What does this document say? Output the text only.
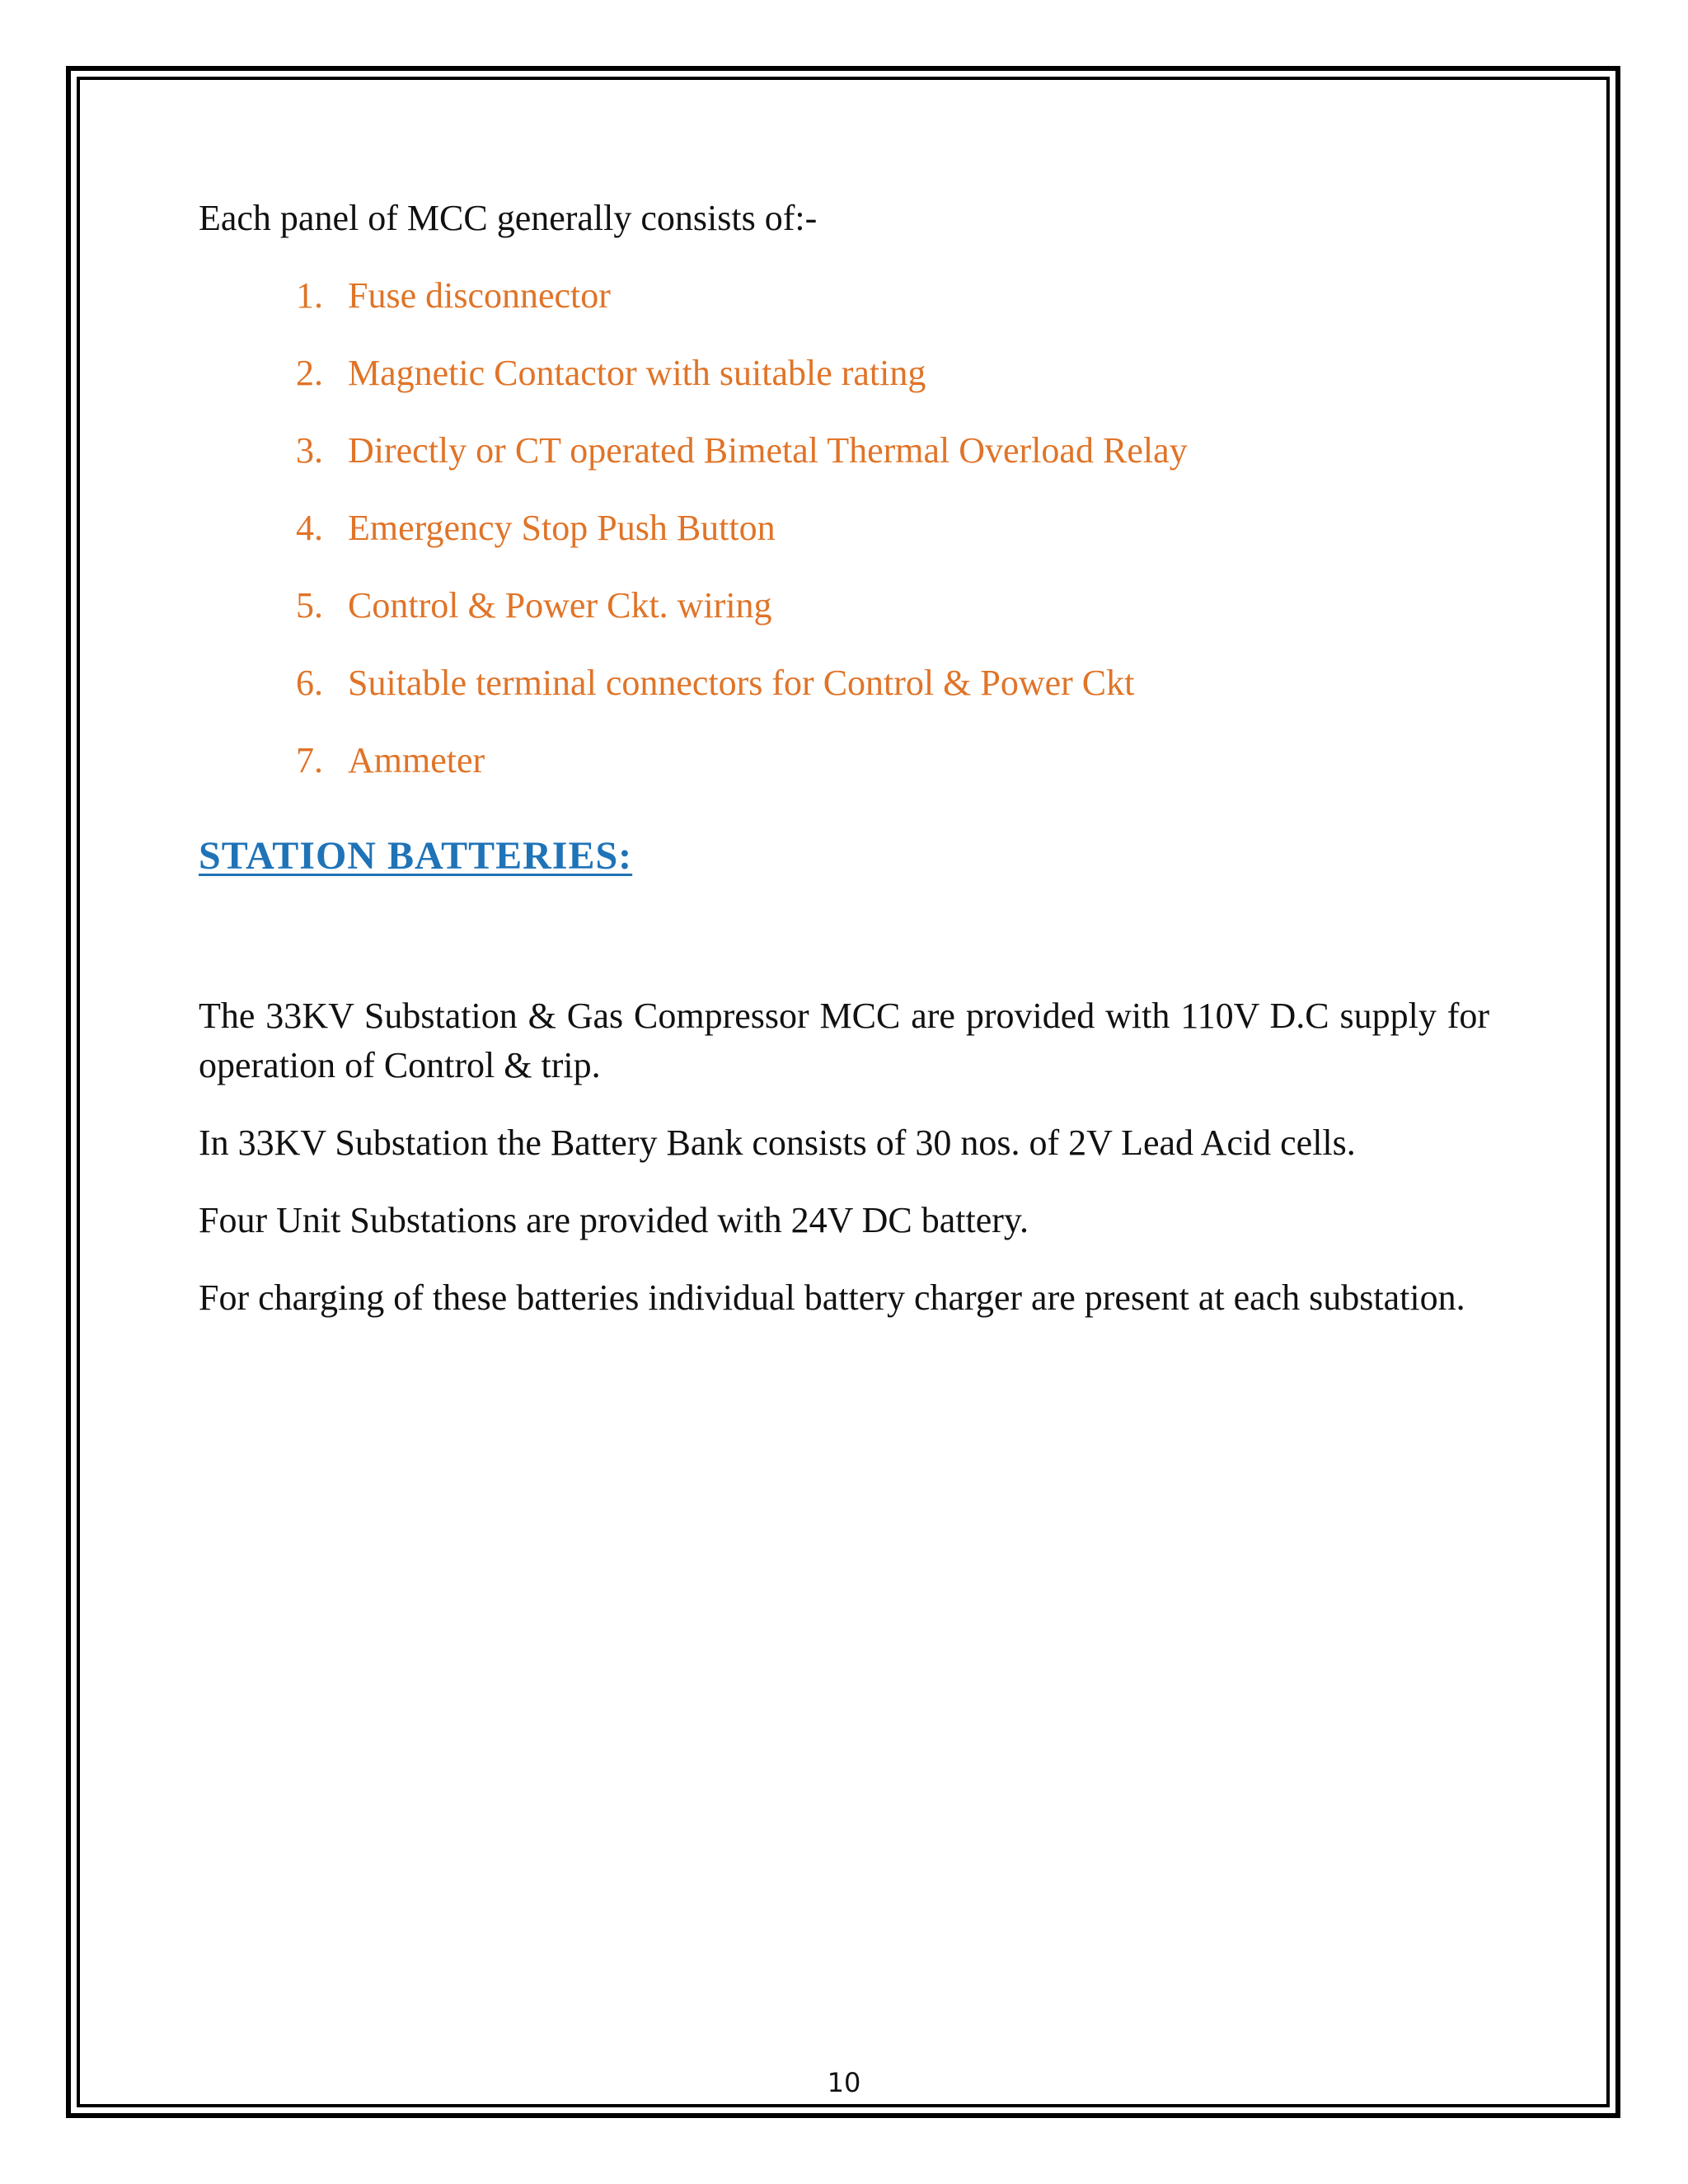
Each panel of MCC generally consists of:-

1. Fuse disconnector
2. Magnetic Contactor with suitable rating
3. Directly or CT operated Bimetal Thermal Overload Relay
4. Emergency Stop Push Button
5. Control & Power Ckt. wiring
6. Suitable terminal connectors for Control & Power Ckt
7. Ammeter
STATION BATTERIES:

The 33KV Substation & Gas Compressor MCC are provided with 110V D.C supply for operation of Control & trip.

In 33KV Substation the Battery Bank consists of 30 nos. of 2V Lead Acid cells.

Four Unit Substations are provided with 24V DC battery.

For charging of these batteries individual battery charger are present at each substation.

10
